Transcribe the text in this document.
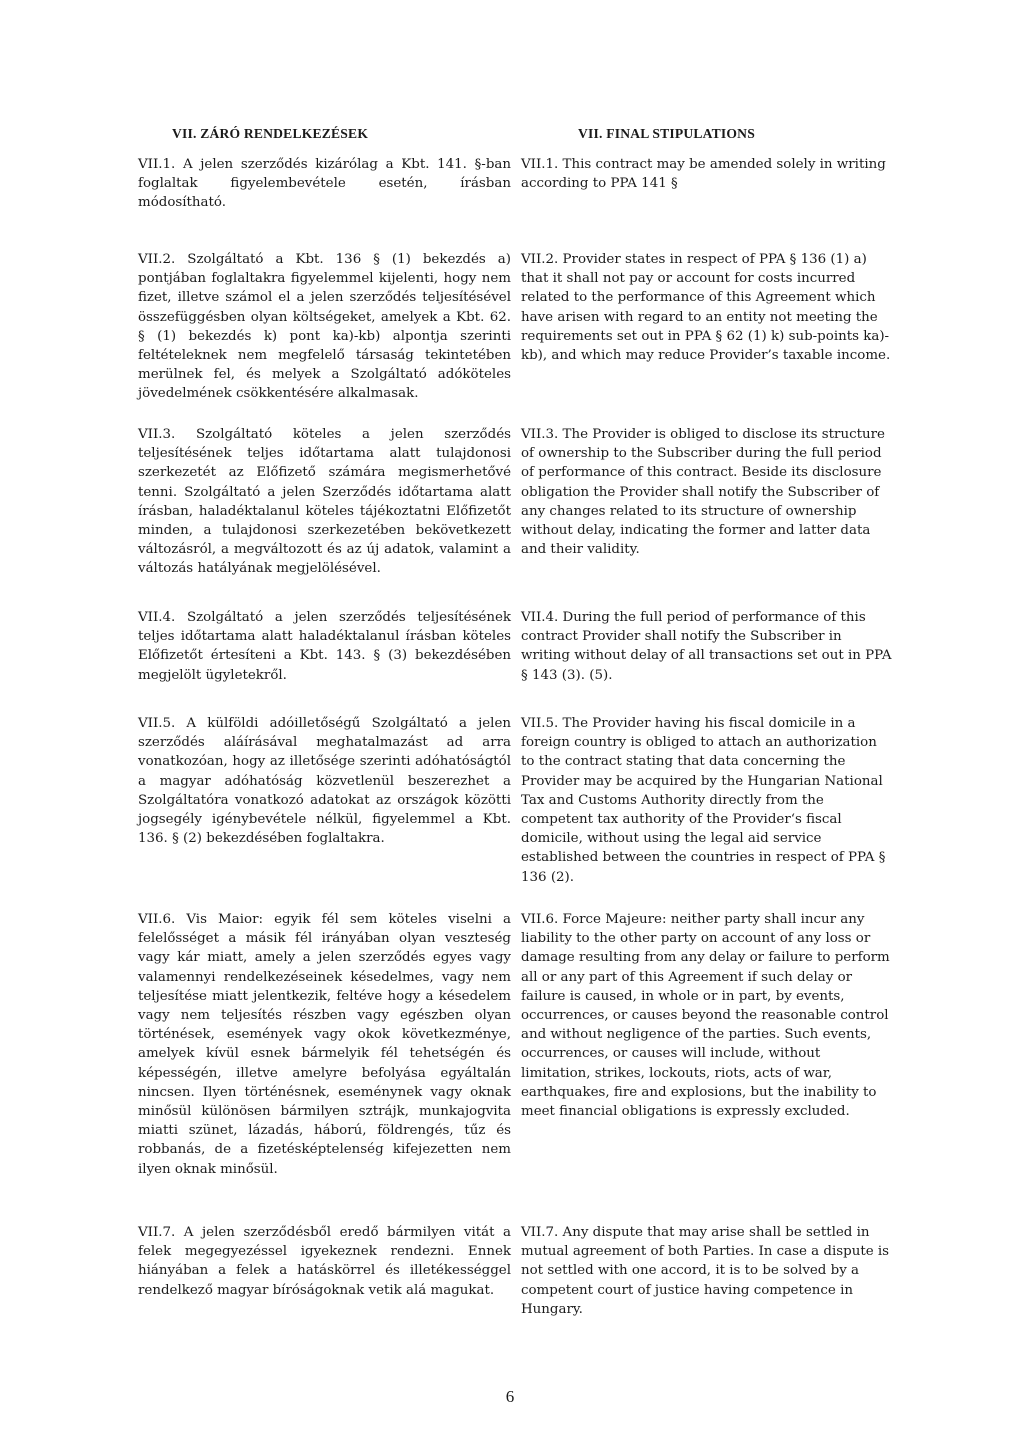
VII. ZÁRÓ RENDELKEZÉSEK	VII. FINAL STIPULATIONS

VII.1. A jelen szerződés kizárólag a Kbt. 141. §-ban foglaltak figyelembevétele esetén, írásban módosítható.

VII.2. Szolgáltató a Kbt. 136 § (1) bekezdés a) pontjában foglaltakra figyelemmel kijelenti, hogy nem fizet, illetve számol el a jelen szerződés teljesítésével összefüggésben olyan költségeket, amelyek a Kbt. 62. § (1) bekezdés k) pont ka)-kb) alpontja szerinti feltételeknek nem megfelelő társaság tekintetében merülnek fel, és melyek a Szolgáltató adóköteles jövedelmének csökkentésére alkalmasak.

VII.3. Szolgáltató köteles a jelen szerződés teljesítésének teljes időtartama alatt tulajdonosi szerkezetét az Előfizető számára megismerhetővé tenni. Szolgáltató a jelen Szerződés időtartama alatt írásban, haladéktalanul köteles tájékoztatni Előfizetőt minden, a tulajdonosi szerkezetében bekövetkezett változásról, a megváltozott és az új adatok, valamint a változás hatályának megjelölésével.

VII.4. Szolgáltató a jelen szerződés teljesítésének teljes időtartama alatt haladéktalanul írásban köteles Előfizetőt értesíteni a Kbt. 143. § (3) bekezdésében megjelölt ügyletekről.

VII.5. A külföldi adóilletőségű Szolgáltató a jelen szerződés aláírásával meghatalmazást ad arra vonatkozóan, hogy az illetősége szerinti adóhatóságtól a magyar adóhatóság közvetlenül beszerezhet a Szolgáltatóra vonatkozó adatokat az országok közötti jogsegély igénybevétele nélkül, figyelemmel a Kbt. 136. § (2) bekezdésében foglaltakra.

VII.6. Vis Maior: egyik fél sem köteles viselni a felelősséget a másik fél irányában olyan veszteség vagy kár miatt, amely a jelen szerződés egyes vagy valamennyi rendelkezéseinek késedelmes, vagy nem teljesítése miatt jelentkezik, feltéve hogy a késedelem vagy nem teljesítés részben vagy egészben olyan történések, események vagy okok következménye, amelyek kívül esnek bármelyik fél tehetségén és képességén, illetve amelyre befolyása egyáltalán nincsen. Ilyen történésnek, eseménynek vagy oknak minősül különösen bármilyen sztrájk, munkajogvita miatti szünet, lázadás, háború, földrengés, tűz és robbanás, de a fizetésképtelenség kifejezetten nem ilyen oknak minősül.

VII.7. A jelen szerződésből eredő bármilyen vitát a felek megegyezéssel igyekeznek rendezni. Ennek hiányában a felek a hatáskörrel és illetékességgel rendelkező magyar bíróságoknak vetik alá magukat.

VII.1. This contract may be amended solely in writing according to PPA 141 §

VII.2. Provider states in respect of PPA § 136 (1) a) that it shall not pay or account for costs incurred related to the performance of this Agreement which have arisen with regard to an entity not meeting the requirements set out in PPA § 62 (1) k) sub-points ka)-kb), and which may reduce Provider’s taxable income.

VII.3. The Provider is obliged to disclose its structure of ownership to the Subscriber during the full period of performance of this contract. Beside its disclosure obligation the Provider shall notify the Subscriber of any changes related to its structure of ownership without delay, indicating the former and latter data and their validity.

VII.4. During the full period of performance of this contract Provider shall notify the Subscriber in writing without delay of all transactions set out in PPA § 143 (3). (5).

VII.5. The Provider having his fiscal domicile in a foreign country is obliged to attach an authorization to the contract stating that data concerning the Provider may be acquired by the Hungarian National Tax and Customs Authority directly from the competent tax authority of the Provider‘s fiscal domicile, without using the legal aid service established between the countries in respect of PPA § 136 (2).

VII.6. Force Majeure: neither party shall incur any liability to the other party on account of any loss or damage resulting from any delay or failure to perform all or any part of this Agreement if such delay or failure is caused, in whole or in part, by events, occurrences, or causes beyond the reasonable control and without negligence of the parties. Such events, occurrences, or causes will include, without limitation, strikes, lockouts, riots, acts of war, earthquakes, fire and explosions, but the inability to meet financial obligations is expressly excluded.

VII.7. Any dispute that may arise shall be settled in mutual agreement of both Parties. In case a dispute is not settled with one accord, it is to be solved by a competent court of justice having competence in Hungary.

6
